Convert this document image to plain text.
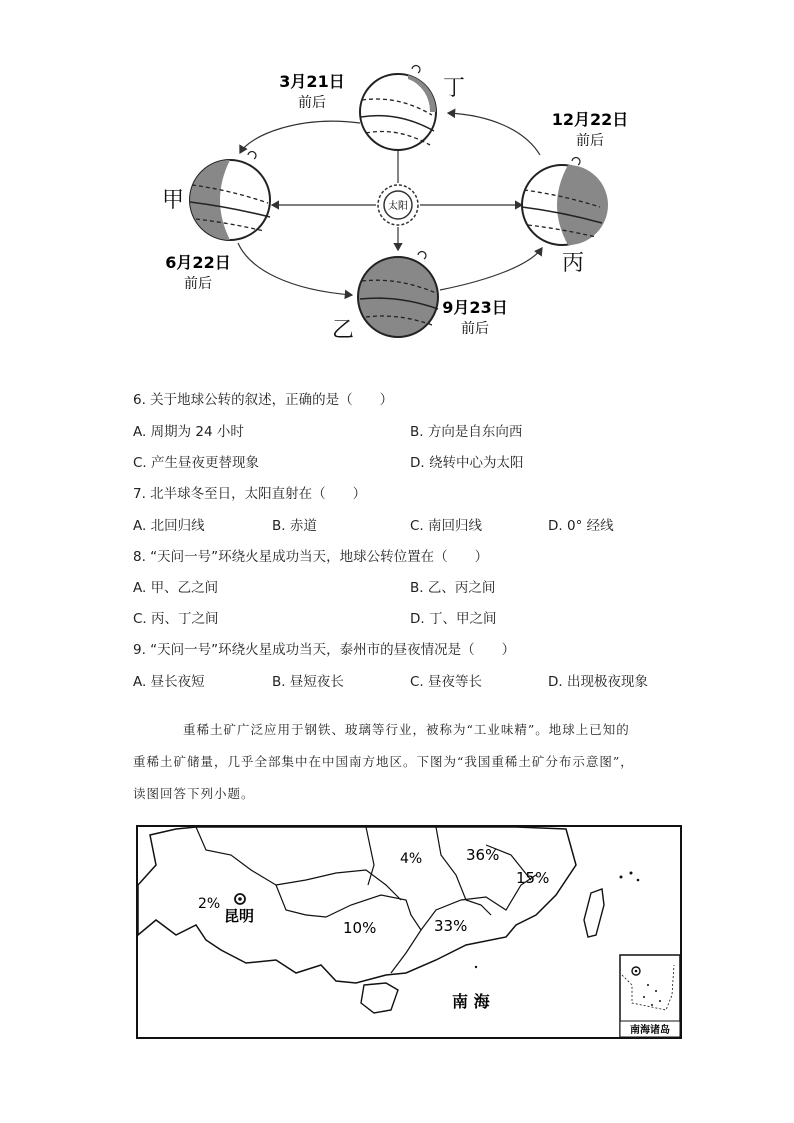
太阳
丁
3月21日
前后
甲
6月22日
前后
丙
12月22日
前后
乙
9月23日
前后
6. 关于地球公转的叙述，正确的是（　　）
A. 周期为 24 小时	B. 方向是自东向西
C. 产生昼夜更替现象	D. 绕转中心为太阳
7. 北半球冬至日，太阳直射在（　　）
A. 北回归线	B. 赤道	C. 南回归线	D. 0° 经线
8. “天问一号”环绕火星成功当天，地球公转位置在（　　）
A. 甲、乙之间	B. 乙、丙之间
C. 丙、丁之间	D. 丁、甲之间
9. “天问一号”环绕火星成功当天，泰州市的昼夜情况是（　　）
A. 昼长夜短	B. 昼短夜长	C. 昼夜等长	D. 出现极夜现象

重稀土矿广泛应用于钢铁、玻璃等行业，被称为“工业味精”。地球上已知的

重稀土矿储量，几乎全部集中在中国南方地区。下图为“我国重稀土矿分布示意图”，

读图回答下列小题。

2%
昆明
4%	36%
15%
10%	33%
南 海
南海诸岛
